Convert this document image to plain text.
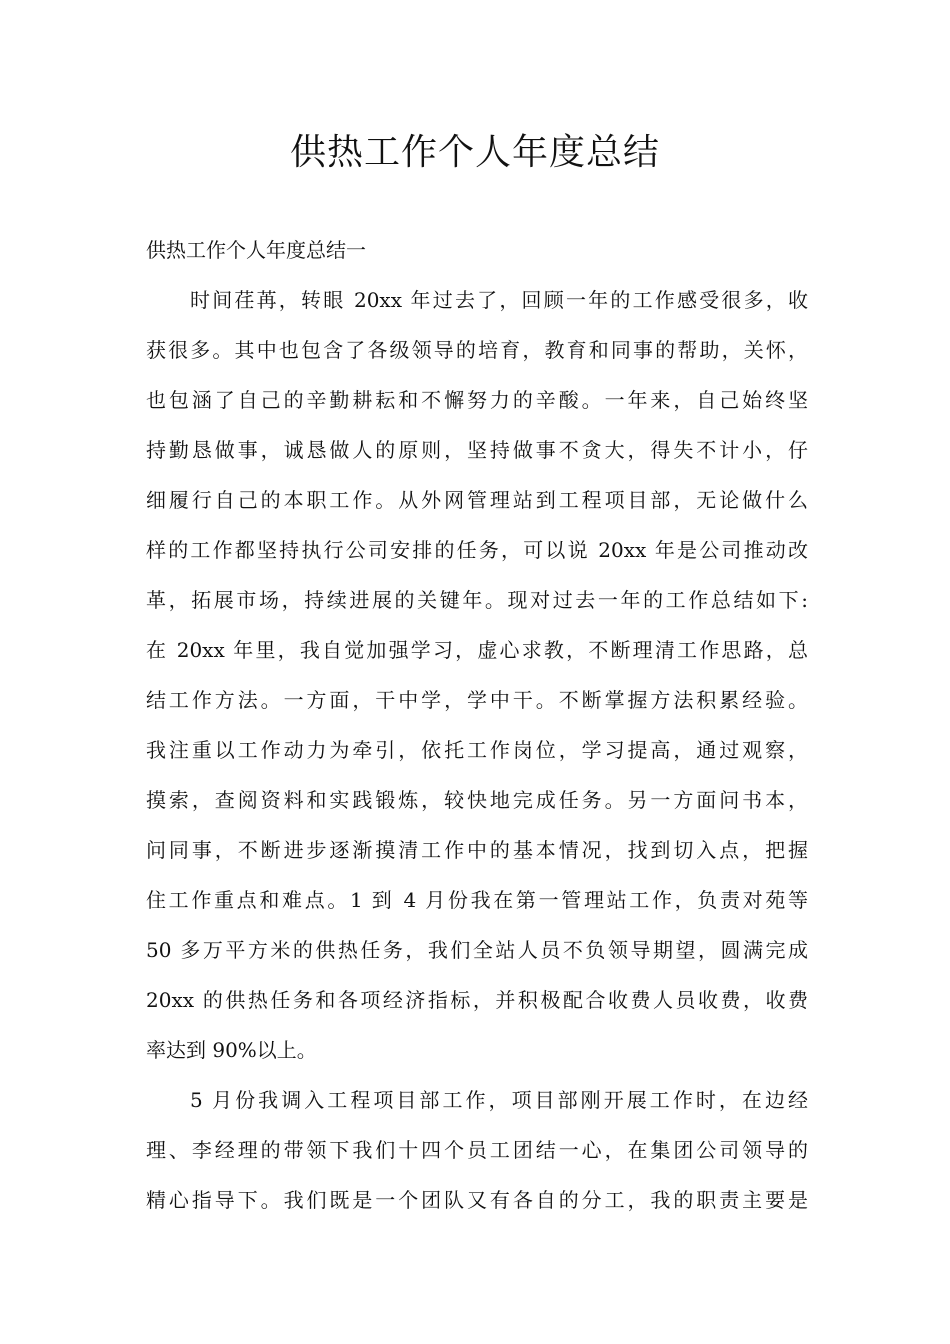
供热工作个人年度总结

供热工作个人年度总结一

时间荏苒，转眼 20xx 年过去了，回顾一年的工作感受很多，收
获很多。其中也包含了各级领导的培育，教育和同事的帮助，关怀，
也包涵了自己的辛勤耕耘和不懈努力的辛酸。一年来，自己始终坚
持勤恳做事，诚恳做人的原则，坚持做事不贪大，得失不计小，仔
细履行自己的本职工作。从外网管理站到工程项目部，无论做什么
样的工作都坚持执行公司安排的任务，可以说 20xx 年是公司推动改
革，拓展市场，持续进展的关键年。现对过去一年的工作总结如下:
在 20xx 年里，我自觉加强学习，虚心求教，不断理清工作思路，总
结工作方法。一方面，干中学，学中干。不断掌握方法积累经验。
我注重以工作动力为牵引，依托工作岗位，学习提高，通过观察，
摸索，查阅资料和实践锻炼，较快地完成任务。另一方面问书本，
问同事，不断进步逐渐摸清工作中的基本情况，找到切入点，把握
住工作重点和难点。1 到 4 月份我在第一管理站工作，负责对苑等
50 多万平方米的供热任务，我们全站人员不负领导期望，圆满完成
20xx 的供热任务和各项经济指标，并积极配合收费人员收费，收费
率达到 90%以上。
5 月份我调入工程项目部工作，项目部刚开展工作时，在边经
理、李经理的带领下我们十四个员工团结一心，在集团公司领导的
精心指导下。我们既是一个团队又有各自的分工，我的职责主要是
